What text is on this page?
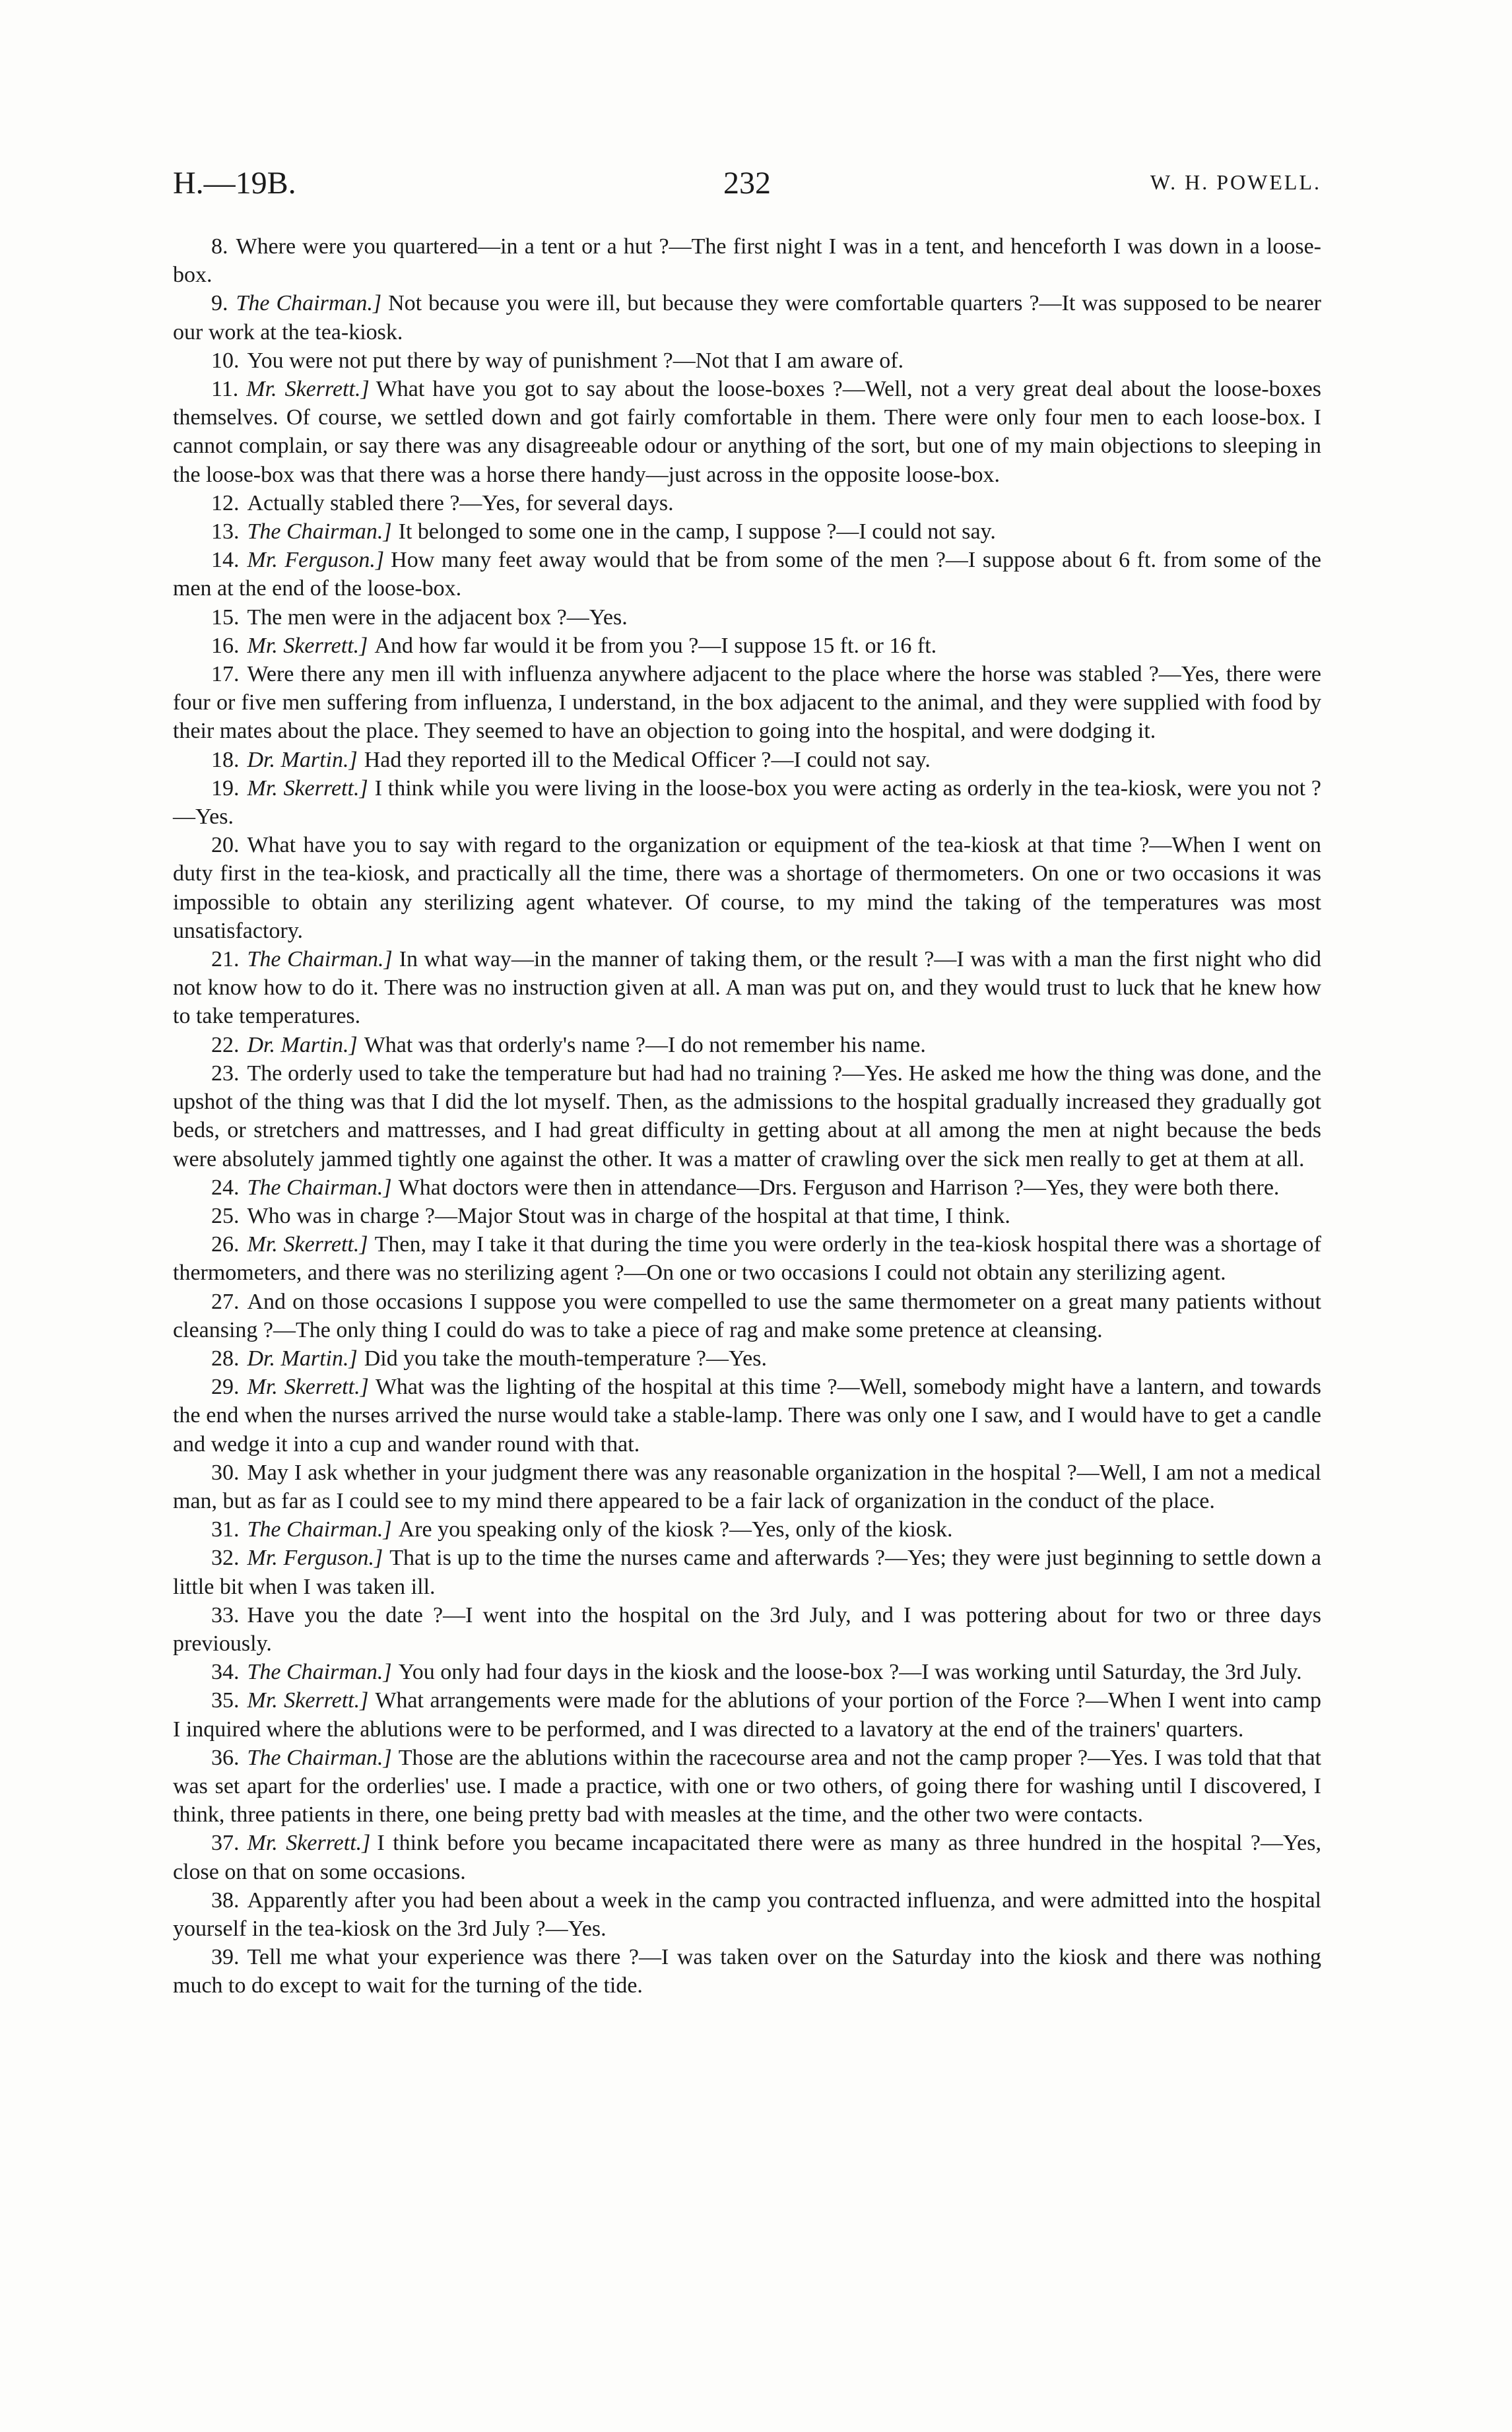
H.—19B.	232	W. H. POWELL.

8. Where were you quartered—in a tent or a hut ?—The first night I was in a tent, and henceforth I was down in a loose-box.

9. The Chairman.] Not because you were ill, but because they were comfortable quarters ?—It was supposed to be nearer our work at the tea-kiosk.

10. You were not put there by way of punishment ?—Not that I am aware of.

11. Mr. Skerrett.] What have you got to say about the loose-boxes ?—Well, not a very great deal about the loose-boxes themselves. Of course, we settled down and got fairly comfortable in them. There were only four men to each loose-box. I cannot complain, or say there was any disagreeable odour or anything of the sort, but one of my main objections to sleeping in the loose-box was that there was a horse there handy—just across in the opposite loose-box.

12. Actually stabled there ?—Yes, for several days.

13. The Chairman.] It belonged to some one in the camp, I suppose ?—I could not say.

14. Mr. Ferguson.] How many feet away would that be from some of the men ?—I suppose about 6 ft. from some of the men at the end of the loose-box.

15. The men were in the adjacent box ?—Yes.

16. Mr. Skerrett.] And how far would it be from you ?—I suppose 15 ft. or 16 ft.

17. Were there any men ill with influenza anywhere adjacent to the place where the horse was stabled ?—Yes, there were four or five men suffering from influenza, I understand, in the box adjacent to the animal, and they were supplied with food by their mates about the place. They seemed to have an objection to going into the hospital, and were dodging it.

18. Dr. Martin.] Had they reported ill to the Medical Officer ?—I could not say.

19. Mr. Skerrett.] I think while you were living in the loose-box you were acting as orderly in the tea-kiosk, were you not ?—Yes.

20. What have you to say with regard to the organization or equipment of the tea-kiosk at that time ?—When I went on duty first in the tea-kiosk, and practically all the time, there was a shortage of thermometers. On one or two occasions it was impossible to obtain any sterilizing agent whatever. Of course, to my mind the taking of the temperatures was most unsatisfactory.

21. The Chairman.] In what way—in the manner of taking them, or the result ?—I was with a man the first night who did not know how to do it. There was no instruction given at all. A man was put on, and they would trust to luck that he knew how to take temperatures.

22. Dr. Martin.] What was that orderly's name ?—I do not remember his name.

23. The orderly used to take the temperature but had had no training ?—Yes. He asked me how the thing was done, and the upshot of the thing was that I did the lot myself. Then, as the admissions to the hospital gradually increased they gradually got beds, or stretchers and mattresses, and I had great difficulty in getting about at all among the men at night because the beds were absolutely jammed tightly one against the other. It was a matter of crawling over the sick men really to get at them at all.

24. The Chairman.] What doctors were then in attendance—Drs. Ferguson and Harrison ?—Yes, they were both there.

25. Who was in charge ?—Major Stout was in charge of the hospital at that time, I think.

26. Mr. Skerrett.] Then, may I take it that during the time you were orderly in the tea-kiosk hospital there was a shortage of thermometers, and there was no sterilizing agent ?—On one or two occasions I could not obtain any sterilizing agent.

27. And on those occasions I suppose you were compelled to use the same thermometer on a great many patients without cleansing ?—The only thing I could do was to take a piece of rag and make some pretence at cleansing.

28. Dr. Martin.] Did you take the mouth-temperature ?—Yes.

29. Mr. Skerrett.] What was the lighting of the hospital at this time ?—Well, somebody might have a lantern, and towards the end when the nurses arrived the nurse would take a stable-lamp. There was only one I saw, and I would have to get a candle and wedge it into a cup and wander round with that.

30. May I ask whether in your judgment there was any reasonable organization in the hospital ?—Well, I am not a medical man, but as far as I could see to my mind there appeared to be a fair lack of organization in the conduct of the place.

31. The Chairman.] Are you speaking only of the kiosk ?—Yes, only of the kiosk.

32. Mr. Ferguson.] That is up to the time the nurses came and afterwards ?—Yes; they were just beginning to settle down a little bit when I was taken ill.

33. Have you the date ?—I went into the hospital on the 3rd July, and I was pottering about for two or three days previously.

34. The Chairman.] You only had four days in the kiosk and the loose-box ?—I was working until Saturday, the 3rd July.

35. Mr. Skerrett.] What arrangements were made for the ablutions of your portion of the Force ?—When I went into camp I inquired where the ablutions were to be performed, and I was directed to a lavatory at the end of the trainers' quarters.

36. The Chairman.] Those are the ablutions within the racecourse area and not the camp proper ?—Yes. I was told that that was set apart for the orderlies' use. I made a practice, with one or two others, of going there for washing until I discovered, I think, three patients in there, one being pretty bad with measles at the time, and the other two were contacts.

37. Mr. Skerrett.] I think before you became incapacitated there were as many as three hundred in the hospital ?—Yes, close on that on some occasions.

38. Apparently after you had been about a week in the camp you contracted influenza, and were admitted into the hospital yourself in the tea-kiosk on the 3rd July ?—Yes.

39. Tell me what your experience was there ?—I was taken over on the Saturday into the kiosk and there was nothing much to do except to wait for the turning of the tide.
